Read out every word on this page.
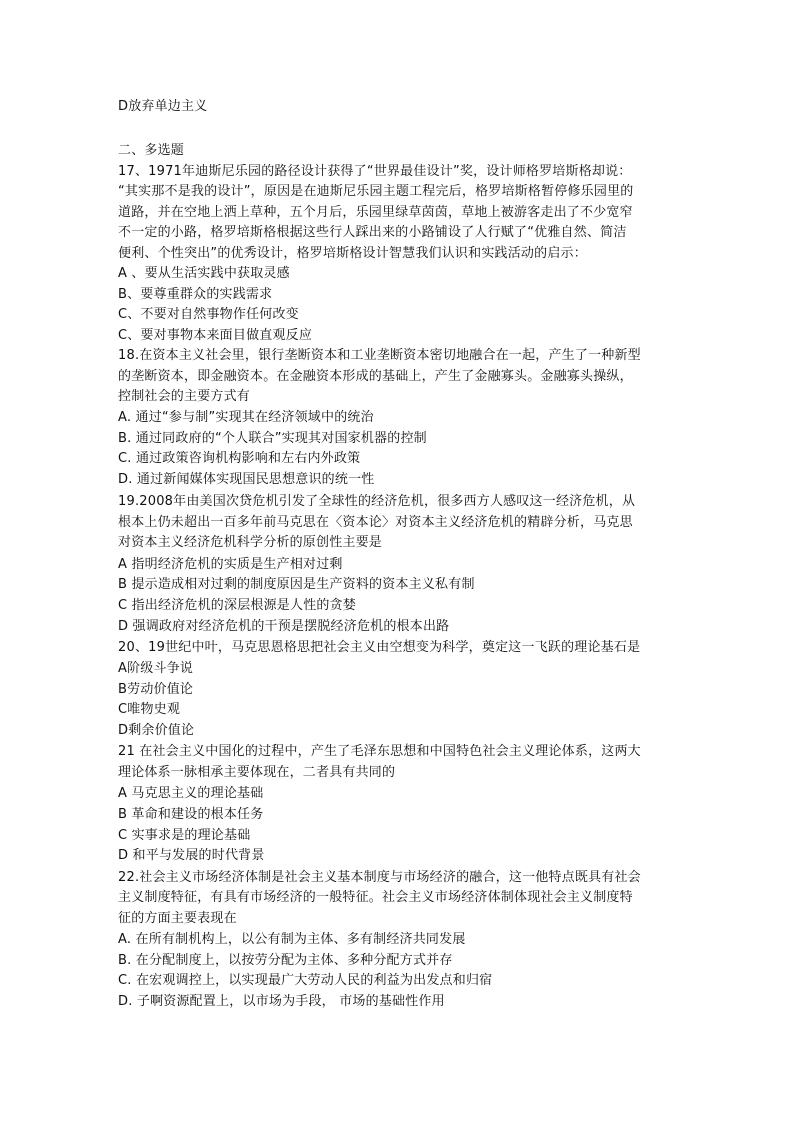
D放弃单边主义
二、多选题
17、1971年迪斯尼乐园的路径设计获得了“世界最佳设计”奖，设计师格罗培斯格却说：
“其实那不是我的设计”，原因是在迪斯尼乐园主题工程完后，格罗培斯格暂停修乐园里的
道路，并在空地上洒上草种，五个月后，乐园里绿草茵茵，草地上被游客走出了不少宽窄
不一定的小路，格罗培斯格根据这些行人踩出来的小路铺设了人行赋了“优雅自然、简洁
便利、个性突出”的优秀设计，格罗培斯格设计智慧我们认识和实践活动的启示：
A 、要从生活实践中获取灵感
B、要尊重群众的实践需求
C、不要对自然事物作任何改变
C、要对事物本来面目做直观反应
18.在资本主义社会里，银行垄断资本和工业垄断资本密切地融合在一起，产生了一种新型
的垄断资本，即金融资本。在金融资本形成的基础上，产生了金融寡头。金融寡头操纵，
控制社会的主要方式有
A. 通过“参与制”实现其在经济领域中的统治
B. 通过同政府的“个人联合”实现其对国家机器的控制
C. 通过政策咨询机构影响和左右内外政策
D. 通过新闻媒体实现国民思想意识的统一性
19.2008年由美国次贷危机引发了全球性的经济危机，很多西方人感叹这一经济危机，从
根本上仍未超出一百多年前马克思在〈资本论〉对资本主义经济危机的精辟分析，马克思
对资本主义经济危机科学分析的原创性主要是
A 指明经济危机的实质是生产相对过剩
B 提示造成相对过剩的制度原因是生产资料的资本主义私有制
C 指出经济危机的深层根源是人性的贪婪
D 强调政府对经济危机的干预是摆脱经济危机的根本出路
20、19世纪中叶，马克思恩格思把社会主义由空想变为科学，奠定这一飞跃的理论基石是
A阶级斗争说
B劳动价值论
C唯物史观
D剩余价值论
21 在社会主义中国化的过程中，产生了毛泽东思想和中国特色社会主义理论体系，这两大
理论体系一脉相承主要体现在，二者具有共同的
A 马克思主义的理论基础
B 革命和建设的根本任务
C 实事求是的理论基础
D 和平与发展的时代背景
22.社会主义市场经济体制是社会主义基本制度与市场经济的融合，这一他特点既具有社会
主义制度特征，有具有市场经济的一般特征。社会主义市场经济体制体现社会主义制度特
征的方面主要表现在
A. 在所有制机构上，以公有制为主体、多有制经济共同发展
B. 在分配制度上，以按劳分配为主体、多种分配方式并存
C. 在宏观调控上，以实现最广大劳动人民的利益为出发点和归宿
D. 子啊资源配置上，以市场为手段， 市场的基础性作用
